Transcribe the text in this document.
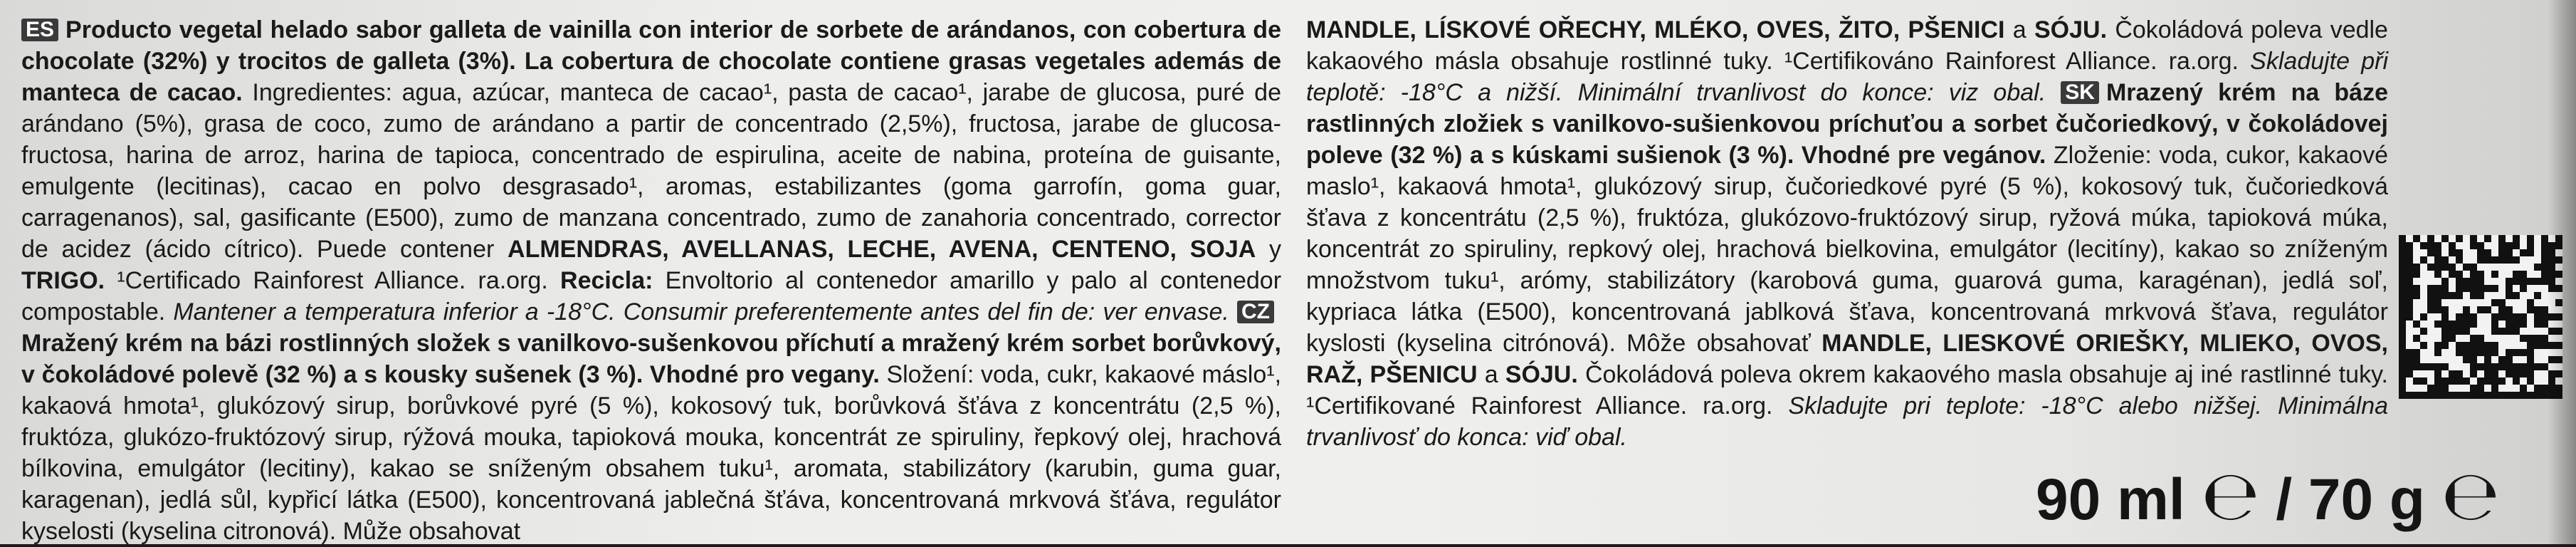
ES Producto vegetal helado sabor galleta de vainilla con interior de sorbete de arándanos, con cobertura de chocolate (32%) y trocitos de galleta (3%). La cobertura de chocolate contiene grasas vegetales además de manteca de cacao. Ingredientes: agua, azúcar, manteca de cacao¹, pasta de cacao¹, jarabe de glucosa, puré de arándano (5%), grasa de coco, zumo de arándano a partir de concentrado (2,5%), fructosa, jarabe de glucosa-fructosa, harina de arroz, harina de tapioca, concentrado de espirulina, aceite de nabina, proteína de guisante, emulgente (lecitinas), cacao en polvo desgrasado¹, aromas, estabilizantes (goma garrofín, goma guar, carragenanos), sal, gasificante (E500), zumo de manzana concentrado, zumo de zanahoria concentrado, corrector de acidez (ácido cítrico). Puede contener ALMENDRAS, AVELLANAS, LECHE, AVENA, CENTENO, SOJA y TRIGO. ¹Certificado Rainforest Alliance. ra.org. Recicla: Envoltorio al contenedor amarillo y palo al contenedor compostable. Mantener a temperatura inferior a -18°C. Consumir preferentemente antes del fin de: ver envase. CZMražený krém na bázi rostlinných složek s vanilkovo-sušenkovou příchutí a mražený krém sorbet borůvkový, v čokoládové polevě (32 %) a s kousky sušenek (3 %). Vhodné pro vegany. Složení: voda, cukr, kakaové máslo¹, kakaová hmota¹, glukózový sirup, borůvkové pyré (5 %), kokosový tuk, borůvková šťáva z koncentrátu (2,5 %), fruktóza, glukózo-fruktózový sirup, rýžová mouka, tapioková mouka, koncentrát ze spiruliny, řepkový olej, hrachová bílkovina, emulgátor (lecitiny), kakao se sníženým obsahem tuku¹, aromata, stabilizátory (karubin, guma guar, karagenan), jedlá sůl, kypřicí látka (E500), koncentrovaná jablečná šťáva, koncentrovaná mrkvová šťáva, regulátor kyselosti (kyselina citronová). Může obsahovat
MANDLE, LÍSKOVÉ OŘECHY, MLÉKO, OVES, ŽITO, PŠENICI a SÓJU. Čokoládová poleva vedle kakaového másla obsahuje rostlinné tuky. ¹Certifikováno Rainforest Alliance. ra.org. Skladujte při teplotě: -18°C a nižší. Minimální trvanlivost do konce: viz obal. SK Mrazený krém na báze rastlinných zložiek s vanilkovo-sušienkovou príchuťou a sorbet čučoriedkový, v čokoládovej poleve (32 %) a s kúskami sušienok (3 %). Vhodné pre vegánov. Zloženie: voda, cukor, kakaové maslo¹, kakaová hmota¹, glukózový sirup, čučoriedkové pyré (5 %), kokosový tuk, čučoriedková šťava z koncentrátu (2,5 %), fruktóza, glukózovo-fruktózový sirup, ryžová múka, tapioková múka, koncentrát zo spiruliny, repkový olej, hrachová bielkovina, emulgátor (lecitíny), kakao so zníženým množstvom tuku¹, arómy, stabilizátory (karobová guma, guarová guma, karagénan), jedlá soľ, kypriaca látka (E500), koncentrovaná jablková šťava, koncentrovaná mrkvová šťava, regulátor kyslosti (kyselina citrónová). Môže obsahovať MANDLE, LIESKOVÉ ORIEŠKY, MLIEKO, OVOS, RAŽ, PŠENICU a SÓJU. Čokoládová poleva okrem kakaového masla obsahuje aj iné rastlinné tuky. ¹Certifikované Rainforest Alliance. ra.org. Skladujte pri teplote: -18°C alebo nižšej. Minimálna trvanlivosť do konca: viď obal.
90 ml ℮ / 70 g ℮
